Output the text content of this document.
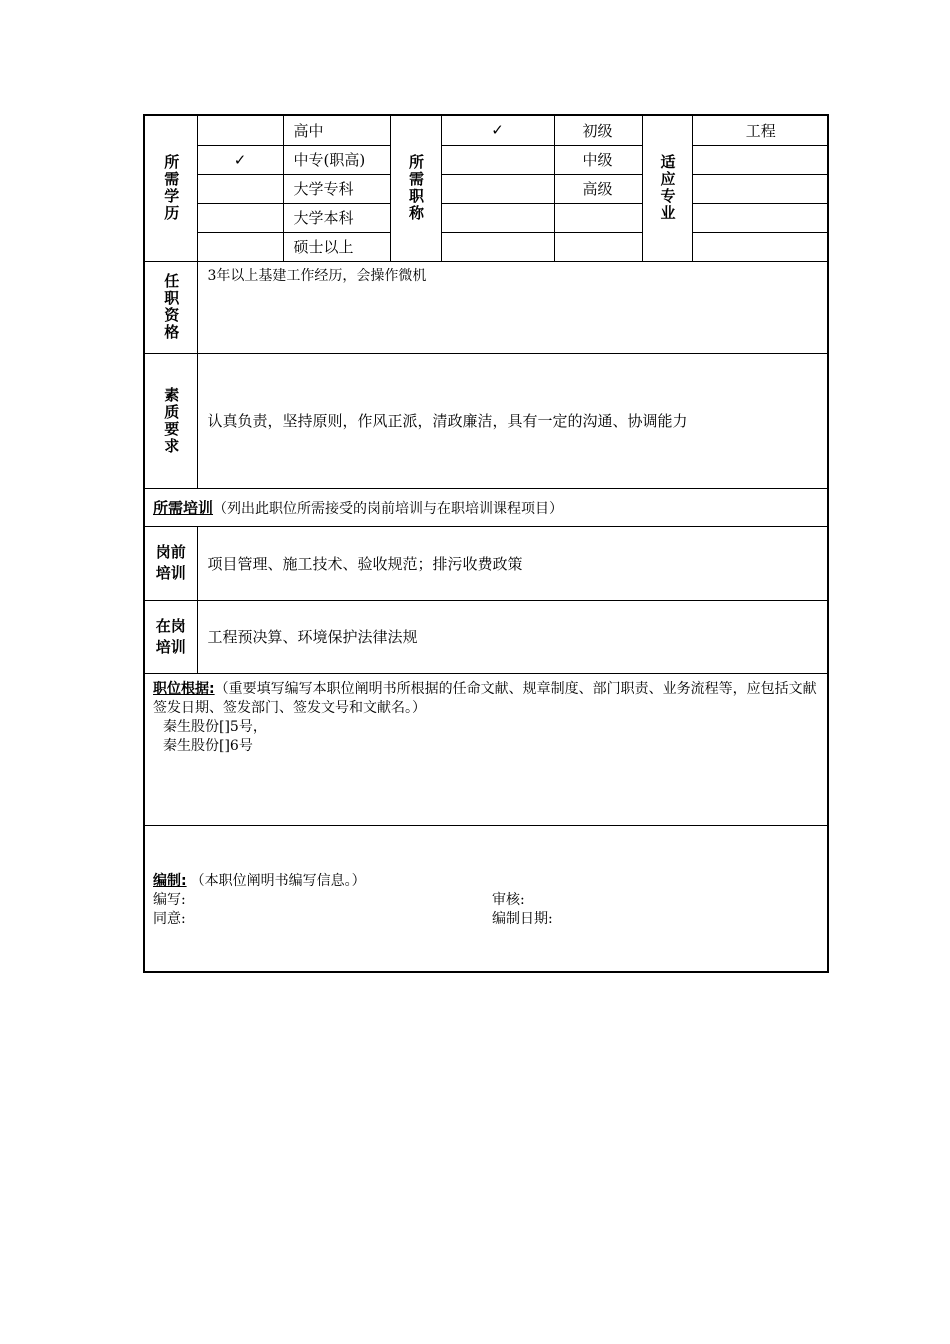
所需学历		高中	所需职称	✓	初级	适应专业	工程
	✓	中专(职高)			中级		
		大学专科			高级		
		大学本科					
		硕士以上					

任职资格	3年以上基建工作经历，会操作微机						

素质要求	认真负责，坚持原则，作风正派，清政廉洁，具有一定的沟通、协调能力						

所需培训（列出此职位所需接受的岗前培训与在职培训课程项目）							

岗前培训	项目管理、施工技术、验收规范；排污收费政策						

在岗培训	工程预决算、环境保护法律法规						

职位根据:（重要填写编写本职位阐明书所根据的任命文献、规章制度、部门职责、业务流程等，应包括文献签发日期、签发部门、签发文号和文献名。）
秦生股份[]5号，
秦生股份[]6号							

编制: （本职位阐明书编写信息。）
编写: 审核:
同意: 编制日期:							
